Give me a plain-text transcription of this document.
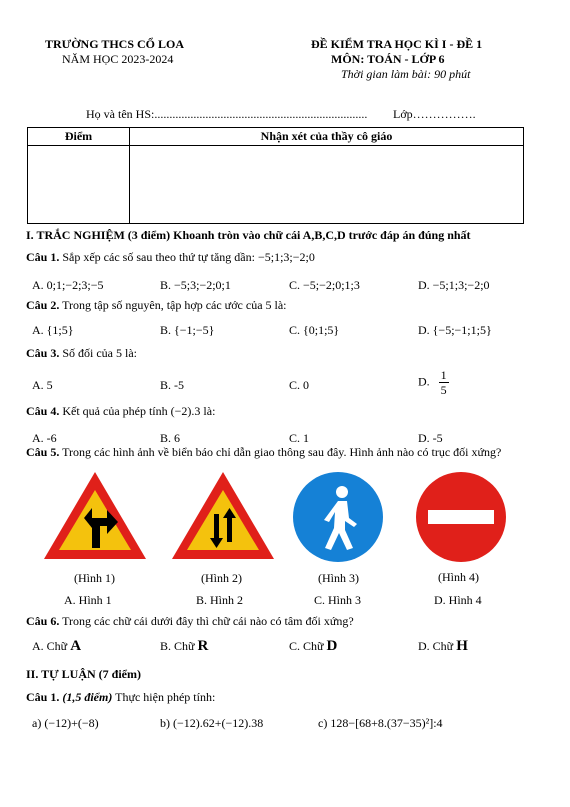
TRƯỜNG THCS CỔ LOA
NĂM HỌC 2023-2024
ĐỀ KIỂM TRA HỌC KÌ I - ĐỀ 1
MÔN: TOÁN - LỚP 6
Thời gian làm bài: 90 phút
Họ và tên HS:....................................................................... Lớp…………….
Điểm	Nhận xét của thầy cô giáo

I. TRẮC NGHIỆM (3 điểm) Khoanh tròn vào chữ cái A,B,C,D trước đáp án đúng nhất
Câu 1. Sắp xếp các số sau theo thứ tự tăng dần: −5;1;3;−2;0
A. 0;1;−2;3;−5	B. −5;3;−2;0;1	C. −5;−2;0;1;3	D. −5;1;3;−2;0
Câu 2. Trong tập số nguyên, tập hợp các ước của 5 là:
A. {1;5}	B. {−1;−5}	C. {0;1;5}	D. {−5;−1;1;5}
Câu 3. Số đối của 5 là:
A. 5	B. -5	C. 0	D. $\frac{1}{5}$
Câu 4. Kết quả của phép tính (−2).3 là:
A. -6	B. 6	C. 1	D. -5
Câu 5. Trong các hình ảnh về biển báo chỉ dẫn giao thông sau đây. Hình ảnh nào có trục đối xứng?
(Hình 1)	(Hình 2)	(Hình 3)	(Hình 4)
A. Hình 1	B. Hình 2	C. Hình 3	D. Hình 4
Câu 6. Trong các chữ cái dưới đây thì chữ cái nào có tâm đối xứng?
A. Chữ A	B. Chữ R	C. Chữ D	D. Chữ H
II. TỰ LUẬN (7 điểm)
Câu 1. (1,5 điểm) Thực hiện phép tính:
a) (−12)+(−8)	b) (−12).62+(−12).38	c) 128−[68+8.(37−35)²]:4
